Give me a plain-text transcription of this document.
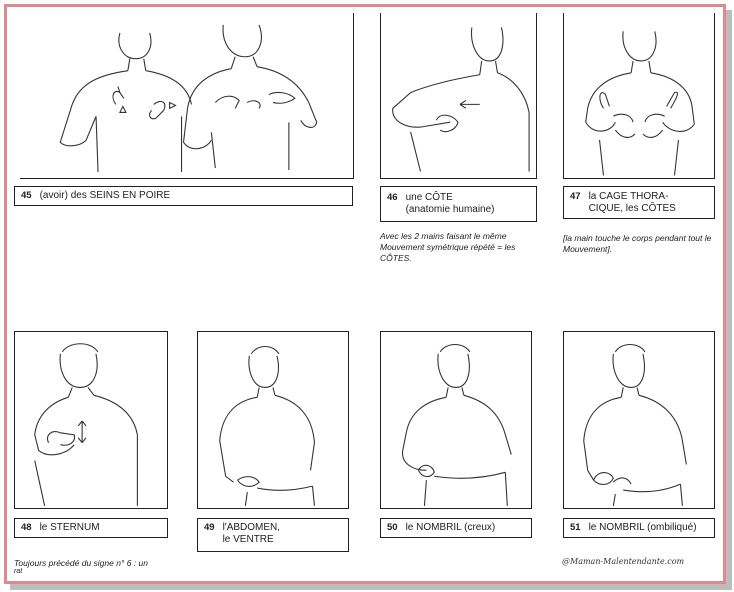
45 (avoir) des SEINS EN POIRE	46 une CÔTE
(anatomie humaine)
47 la CAGE THORA-
CIQUE, les CÔTES
Avec les 2 mains faisant le même Mouvement symétrique répété = les CÔTES.
[la main touche le corps pendant tout le Mouvement].
48 le STERNUM	49 l'ABDOMEN,
le VENTRE
50 le NOMBRIL (creux)	51 le NOMBRIL (ombiliqué)
Toujours précédé du signe n° 6 : un
rat
@Maman-Malentendante.com
